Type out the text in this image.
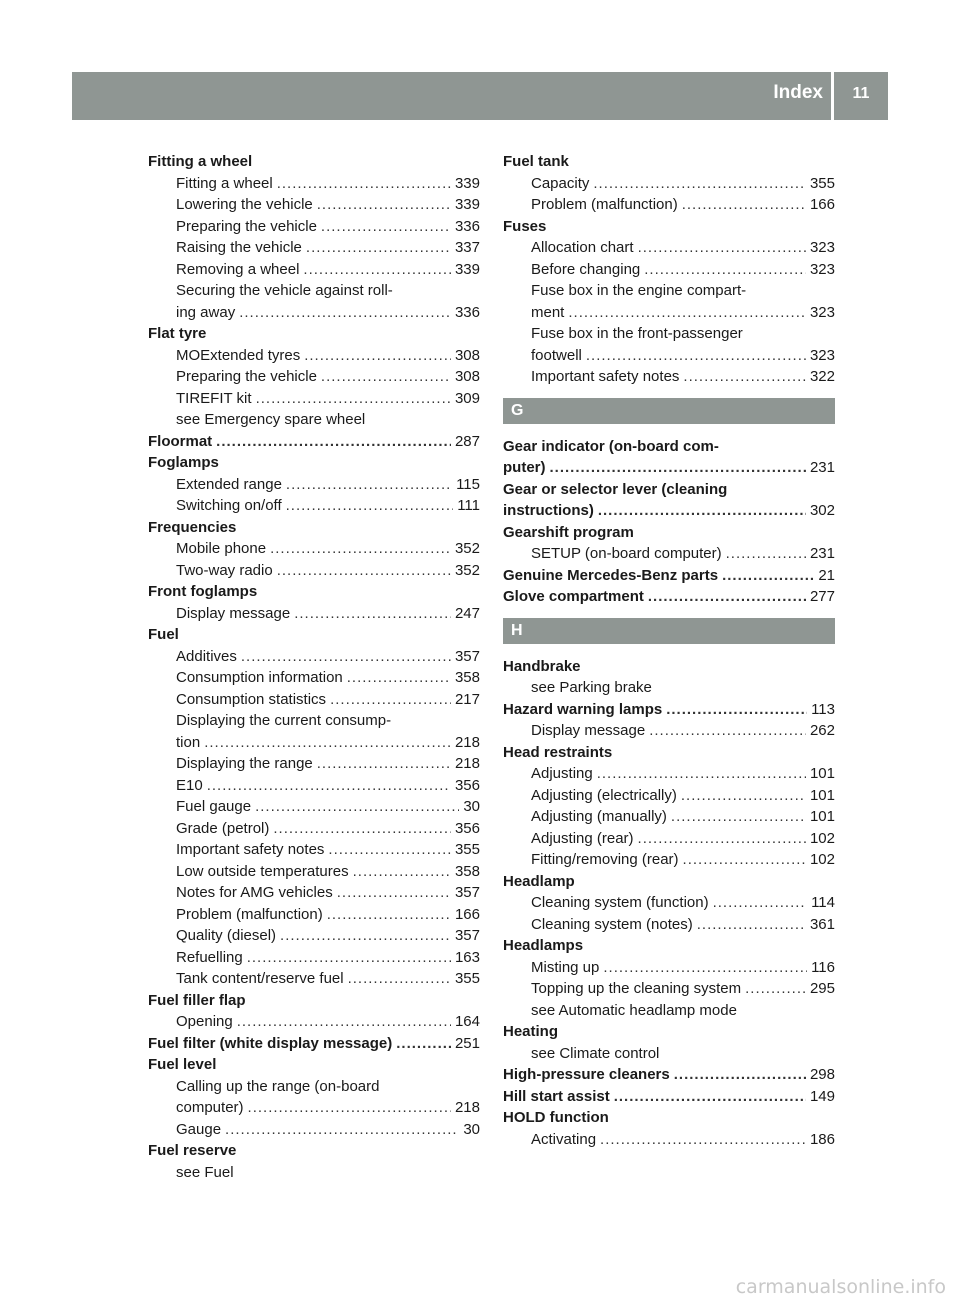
Index	11
Fitting a wheel
Fitting a wheel .....	339
Lowering the vehicle .....	339
Preparing the vehicle .....	336
Raising the vehicle .....	337
Removing a wheel .....	339
Securing the vehicle against roll-
ing away .....	336
Flat tyre
MOExtended tyres .....	308
Preparing the vehicle .....	308
TIREFIT kit .....	309
see Emergency spare wheel
Floormat .....	287
Foglamps
Extended range .....	115
Switching on/off .....	111
Frequencies
Mobile phone .....	352
Two-way radio .....	352
Front foglamps
Display message .....	247
Fuel
Additives .....	357
Consumption information .....	358
Consumption statistics .....	217
Displaying the current consump-
tion .....	218
Displaying the range .....	218
E10 .....	356
Fuel gauge .....	30
Grade (petrol) .....	356
Important safety notes .....	355
Low outside temperatures .....	358
Notes for AMG vehicles .....	357
Problem (malfunction) .....	166
Quality (diesel) .....	357
Refuelling .....	163
Tank content/reserve fuel .....	355
Fuel filler flap
Opening .....	164
Fuel filter (white display message) .....	251
Fuel level
Calling up the range (on-board
computer) .....	218
Gauge .....	30
Fuel reserve
see Fuel
Fuel tank
Capacity .....	355
Problem (malfunction) .....	166
Fuses
Allocation chart .....	323
Before changing .....	323
Fuse box in the engine compart-
ment .....	323
Fuse box in the front-passenger
footwell .....	323
Important safety notes .....	322
G
Gear indicator (on-board com-
puter) .....	231
Gear or selector lever (cleaning
instructions) .....	302
Gearshift program
SETUP (on-board computer) .....	231
Genuine Mercedes-Benz parts .....	21
Glove compartment .....	277
H
Handbrake
see Parking brake
Hazard warning lamps .....	113
Display message .....	262
Head restraints
Adjusting .....	101
Adjusting (electrically) .....	101
Adjusting (manually) .....	101
Adjusting (rear) .....	102
Fitting/removing (rear) .....	102
Headlamp
Cleaning system (function) .....	114
Cleaning system (notes) .....	361
Headlamps
Misting up .....	116
Topping up the cleaning system .....	295
see Automatic headlamp mode
Heating
see Climate control
High-pressure cleaners .....	298
Hill start assist .....	149
HOLD function
Activating .....	186
carmanualsonline.info
